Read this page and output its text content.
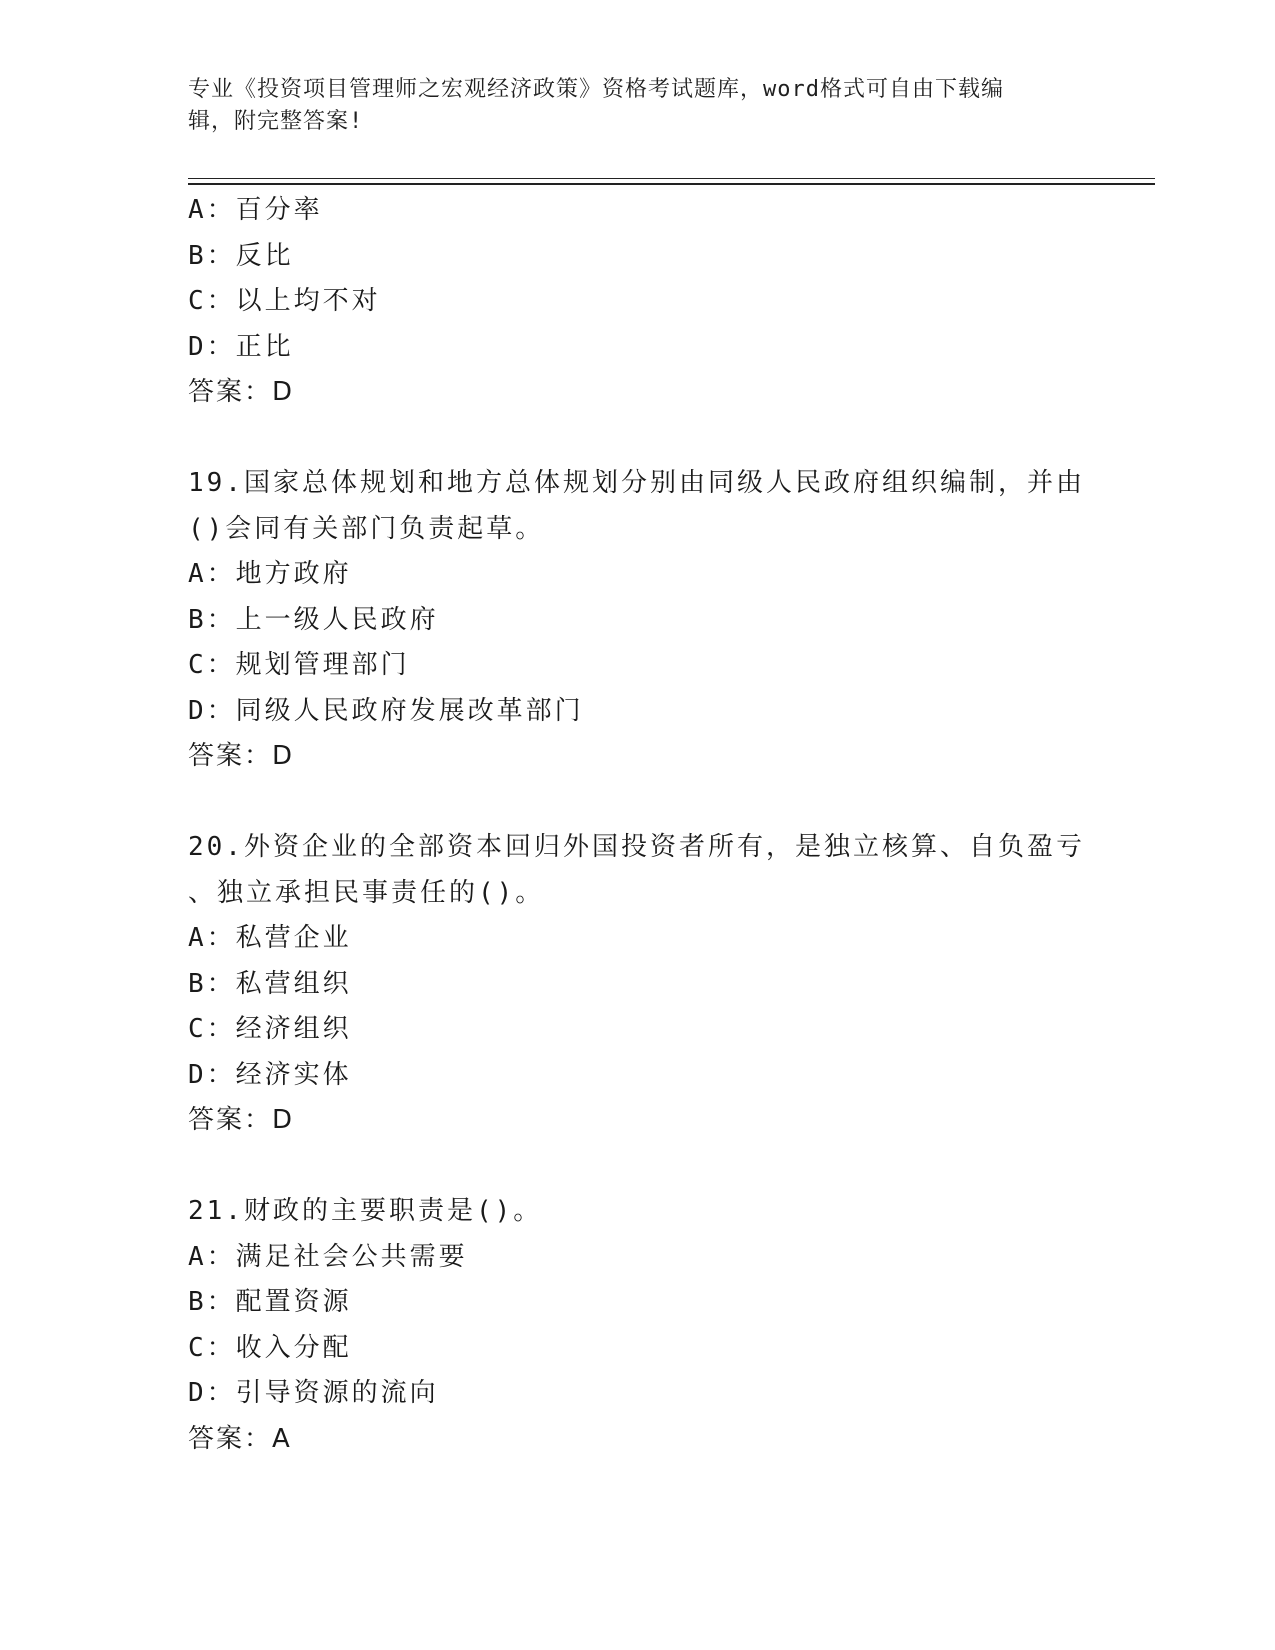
专业《投资项目管理师之宏观经济政策》资格考试题库，word格式可自由下载编
辑，附完整答案!
A：百分率
B：反比
C：以上均不对
D：正比
答案：D
19.国家总体规划和地方总体规划分别由同级人民政府组织编制，并由
()会同有关部门负责起草。
A：地方政府
B：上一级人民政府
C：规划管理部门
D：同级人民政府发展改革部门
答案：D
20.外资企业的全部资本回归外国投资者所有，是独立核算、自负盈亏
、独立承担民事责任的()。
A：私营企业
B：私营组织
C：经济组织
D：经济实体
答案：D
21.财政的主要职责是()。
A：满足社会公共需要
B：配置资源
C：收入分配
D：引导资源的流向
答案：A
